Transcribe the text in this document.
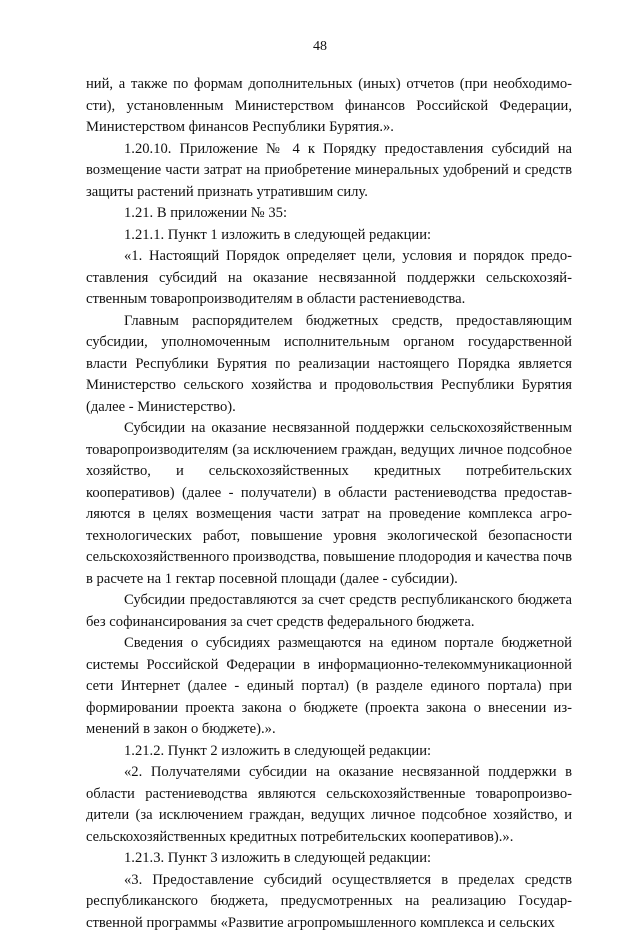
48

ний, а также по формам дополнительных (иных) отчетов (при необходимости), установленным Министерством финансов Российской Федерации, Министерством финансов Республики Бурятия.».

1.20.10. Приложение № 4 к Порядку предоставления субсидий на возмещение части затрат на приобретение минеральных удобрений и средств защиты растений признать утратившим силу.

1.21. В приложении № 35:

1.21.1. Пункт 1 изложить в следующей редакции:

«1. Настоящий Порядок определяет цели, условия и порядок предоставления субсидий на оказание несвязанной поддержки сельскохозяйственным товаропроизводителям в области растениеводства.

Главным распорядителем бюджетных средств, предоставляющим субсидии, уполномоченным исполнительным органом государственной власти Республики Бурятия по реализации настоящего Порядка является Министерство сельского хозяйства и продовольствия Республики Бурятия (далее - Министерство).

Субсидии на оказание несвязанной поддержки сельскохозяйственным товаропроизводителям (за исключением граждан, ведущих личное подсобное хозяйство, и сельскохозяйственных кредитных потребительских кооперативов) (далее - получатели) в области растениеводства предоставляются в целях возмещения части затрат на проведение комплекса агротехнологических работ, повышение уровня экологической безопасности сельскохозяйственного производства, повышение плодородия и качества почв в расчете на 1 гектар посевной площади (далее - субсидии).

Субсидии предоставляются за счет средств республиканского бюджета без софинансирования за счет средств федерального бюджета.

Сведения о субсидиях размещаются на едином портале бюджетной системы Российской Федерации в информационно-телекоммуникационной сети Интернет (далее - единый портал) (в разделе единого портала) при формировании проекта закона о бюджете (проекта закона о внесении изменений в закон о бюджете).».

1.21.2. Пункт 2 изложить в следующей редакции:

«2. Получателями субсидии на оказание несвязанной поддержки в области растениеводства являются сельскохозяйственные товаропроизводители (за исключением граждан, ведущих личное подсобное хозяйство, и сельскохозяйственных кредитных потребительских кооперативов).».

1.21.3. Пункт 3 изложить в следующей редакции:

«3. Предоставление субсидий осуществляется в пределах средств республиканского бюджета, предусмотренных на реализацию Государственной программы «Развитие агропромышленного комплекса и сельских
